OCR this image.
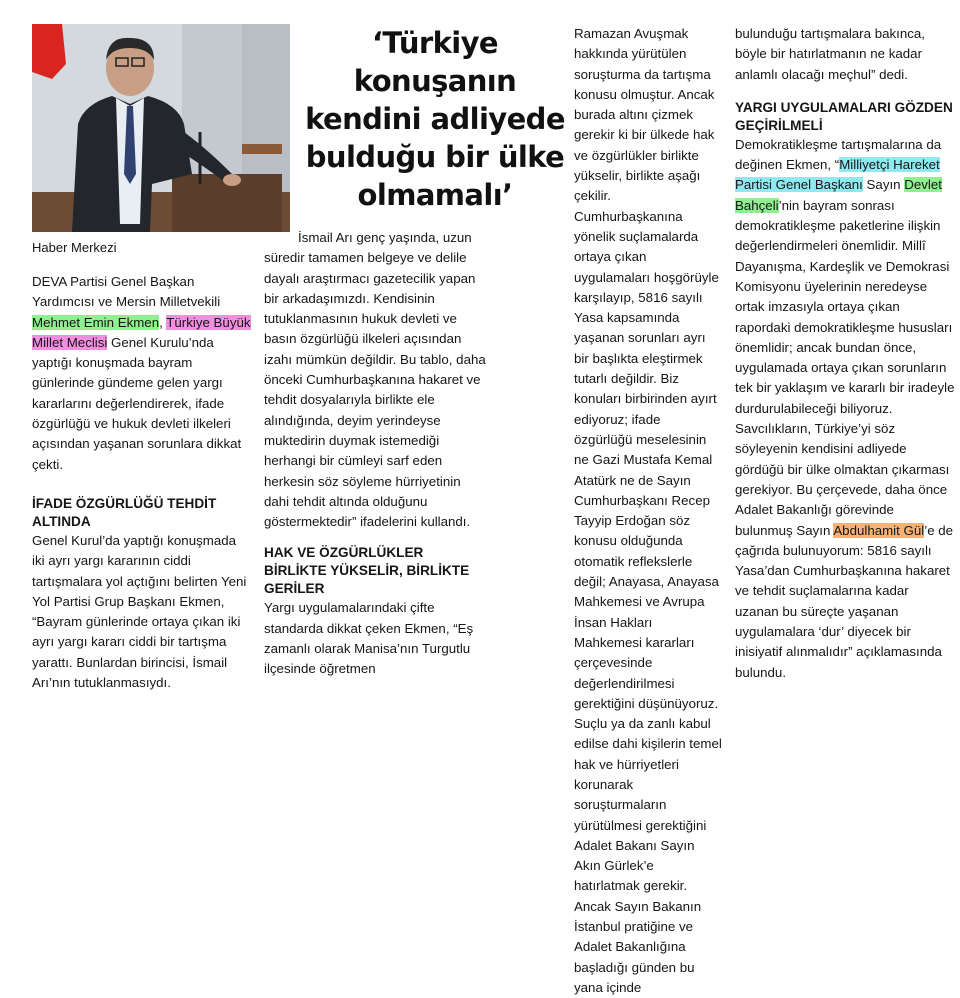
Haber Merkezi
‘Türkiye konuşanın kendini adliyede bulduğu bir ülke olmamalı’

DEVA Partisi Genel Başkan Yardımcısı ve Mersin Milletvekili Mehmet Emin Ekmen, Türkiye Büyük Millet Meclisi Genel Kurulu’nda yaptığı konuşmada bayram günlerinde gündeme gelen yargı kararlarını değerlendirerek, ifade özgürlüğü ve hukuk devleti ilkeleri açısından yaşanan sorunlara dikkat çekti.

İFADE ÖZGÜRLÜĞÜ TEHDİT ALTINDA

Genel Kurul’da yaptığı konuşmada iki ayrı yargı kararının ciddi tartışmalara yol açtığını belirten Yeni Yol Partisi Grup Başkanı Ekmen, “Bayram günlerinde ortaya çıkan iki ayrı yargı kararı ciddi bir tartışma yarattı. Bunlardan birincisi, İsmail Arı’nın tutuklanmasıydı.

İsmail Arı genç yaşında, uzun süredir tamamen belgeye ve delile dayalı araştırmacı gazetecilik yapan bir arkadaşımızdı. Kendisinin tutuklanmasının hukuk devleti ve basın özgürlüğü ilkeleri açısından izahı mümkün değildir. Bu tablo, daha önceki Cumhurbaşkanına hakaret ve tehdit dosyalarıyla birlikte ele alındığında, deyim yerindeyse muktedirin duymak istemediği herhangi bir cümleyi sarf eden herkesin söz söyleme hürriyetinin dahi tehdit altında olduğunu göstermektedir” ifadelerini kullandı.

HAK VE ÖZGÜRLÜKLER BİRLİKTE YÜKSELİR, BİRLİKTE GERİLER

Yargı uygulamalarındaki çifte standarda dikkat çeken Ekmen, “Eş zamanlı olarak Manisa’nın Turgutlu ilçesinde öğretmen

Ramazan Avuşmak hakkında yürütülen soruşturma da tartışma konusu olmuştur. Ancak burada altını çizmek gerekir ki bir ülkede hak ve özgürlükler birlikte yükselir, birlikte aşağı çekilir. Cumhurbaşkanına yönelik suçlamalarda ortaya çıkan uygulamaları hoşgörüyle karşılayıp, 5816 sayılı Yasa kapsamında yaşanan sorunları ayrı bir başlıkta eleştirmek tutarlı değildir. Biz konuları birbirinden ayırt ediyoruz; ifade özgürlüğü meselesinin ne Gazi Mustafa Kemal Atatürk ne de Sayın Cumhurbaşkanı Recep Tayyip Erdoğan söz konusu olduğunda otomatik reflekslerle değil; Anayasa, Anayasa Mahkemesi ve Avrupa İnsan Hakları Mahkemesi kararları çerçevesinde değerlendirilmesi gerektiğini düşünüyoruz. Suçlu ya da zanlı kabul edilse dahi kişilerin temel hak ve hürriyetleri korunarak soruşturmaların yürütülmesi gerektiğini Adalet Bakanı Sayın Akın Gürlek’e hatırlatmak gerekir. Ancak Sayın Bakanın İstanbul pratiğine ve Adalet Bakanlığına başladığı günden bu yana içinde

bulunduğu tartışmalara bakınca, böyle bir hatırlatmanın ne kadar anlamlı olacağı meçhul” dedi.

YARGI UYGULAMALARI GÖZDEN GEÇİRİLMELİ

Demokratikleşme tartışmalarına da değinen Ekmen, “Milliyetçi Hareket Partisi Genel Başkanı Sayın Devlet Bahçeli’nin bayram sonrası demokratikleşme paketlerine ilişkin değerlendirmeleri önemlidir. Millî Dayanışma, Kardeşlik ve Demokrasi Komisyonu üyelerinin neredeyse ortak imzasıyla ortaya çıkan rapordaki demokratikleşme hususları önemlidir; ancak bundan önce, uygulamada ortaya çıkan sorunların tek bir yaklaşım ve kararlı bir iradeyle durdurulabileceği biliyoruz. Savcılıkların, Türkiye’yi söz söyleyenin kendisini adliyede gördüğü bir ülke olmaktan çıkarması gerekiyor. Bu çerçevede, daha önce Adalet Bakanlığı görevinde bulunmuş Sayın Abdulhamit Gül’e de çağrıda bulunuyorum: 5816 sayılı Yasa’dan Cumhurbaşkanına hakaret ve tehdit suçlamalarına kadar uzanan bu süreçte yaşanan uygulamalara ‘dur’ diyecek bir inisiyatif alınmalıdır” açıklamasında bulundu.
